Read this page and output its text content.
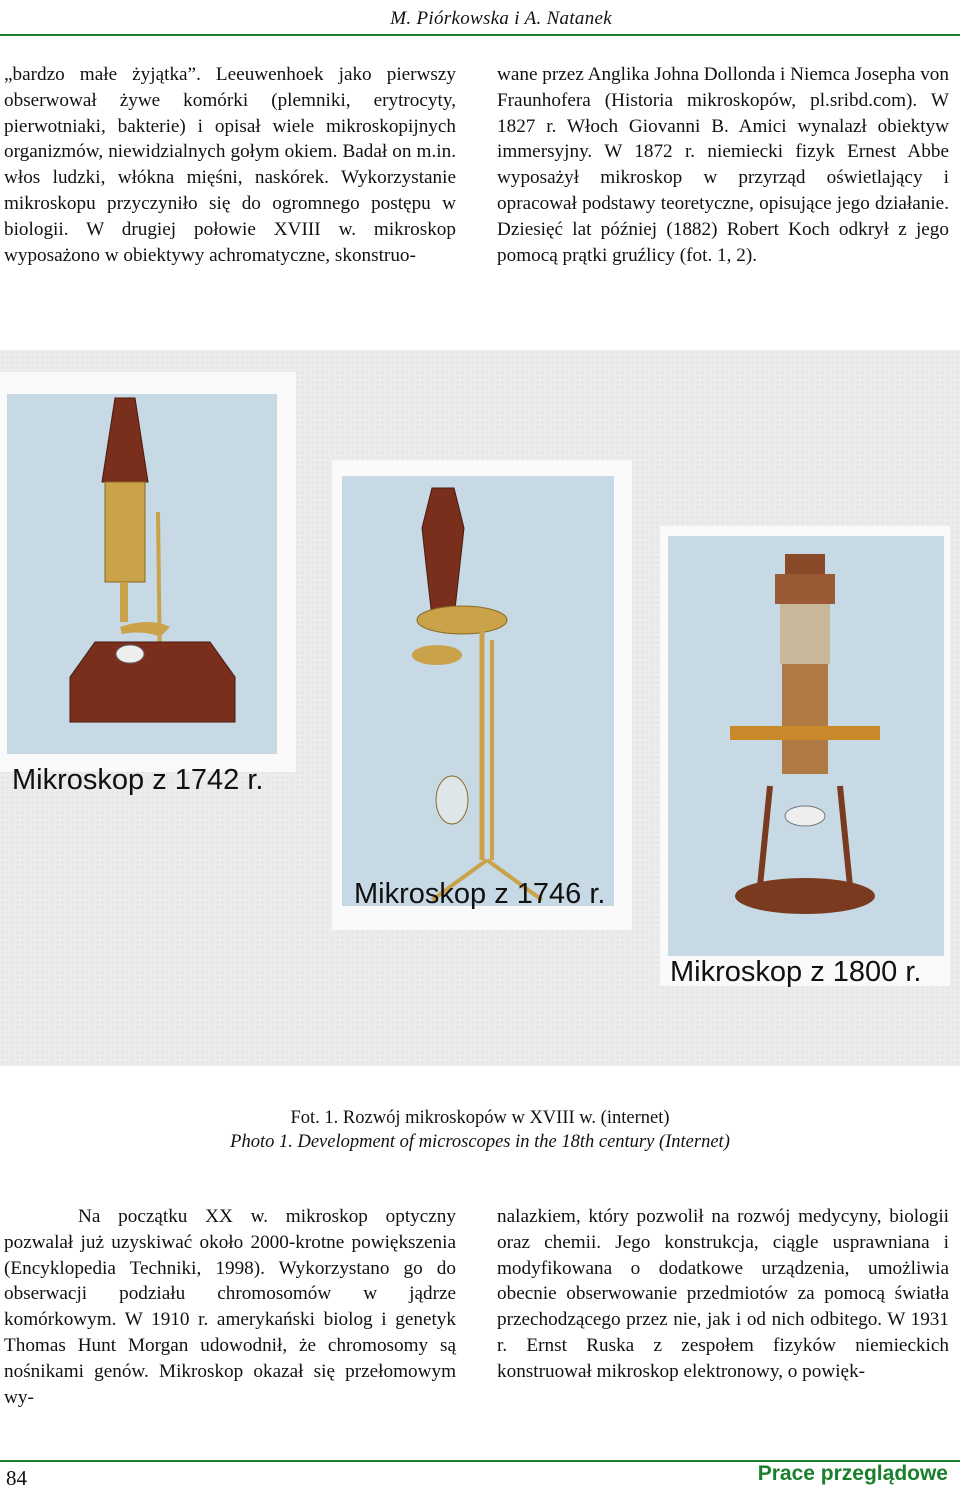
M. Piórkowska i A. Natanek

„bardzo małe żyjątka”. Leeuwenhoek jako pierwszy obserwował żywe komórki (plemniki, erytrocyty, pierwotniaki, bakterie) i opisał wiele mikroskopijnych organizmów, niewidzialnych gołym okiem. Badał on m.in. włos ludzki, włókna mięśni, naskórek. Wykorzystanie mikroskopu przyczyniło się do ogromnego postępu w biologii. W drugiej połowie XVIII w. mikroskop wyposażono w obiektywy achromatyczne, skonstruo-

wane przez Anglika Johna Dollonda i Niemca Josepha von Fraunhofera (Historia mikroskopów, pl.sribd.com). W 1827 r. Włoch Giovanni B. Amici wynalazł obiektyw immersyjny. W 1872 r. niemiecki fizyk Ernest Abbe wyposażył mikroskop w przyrząd oświetlający i opracował podstawy teoretyczne, opisujące jego działanie. Dziesięć lat później (1882) Robert Koch odkrył z jego pomocą prątki gruźlicy (fot. 1, 2).

Mikroskop z 1742 r.
Mikroskop z 1746 r.
Mikroskop z 1800 r.
Fot. 1. Rozwój mikroskopów w XVIII w. (internet)
Photo 1. Development of microscopes in the 18th century (Internet)

Na początku XX w. mikroskop optyczny pozwalał już uzyskiwać około 2000-krotne powiększenia (Encyklopedia Techniki, 1998). Wykorzystano go do obserwacji podziału chromosomów w jądrze komórkowym. W 1910 r. amerykański biolog i genetyk Thomas Hunt Morgan udowodnił, że chromosomy są nośnikami genów. Mikroskop okazał się przełomowym wy-

nalazkiem, który pozwolił na rozwój medycyny, biologii oraz chemii. Jego konstrukcja, ciągle usprawniana i modyfikowana o dodatkowe urządzenia, umożliwia obecnie obserwowanie przedmiotów za pomocą światła przechodzącego przez nie, jak i od nich odbitego. W 1931 r. Ernst Ruska z zespołem fizyków niemieckich konstruował mikroskop elektronowy, o powięk-

84	Prace przeglądowe
